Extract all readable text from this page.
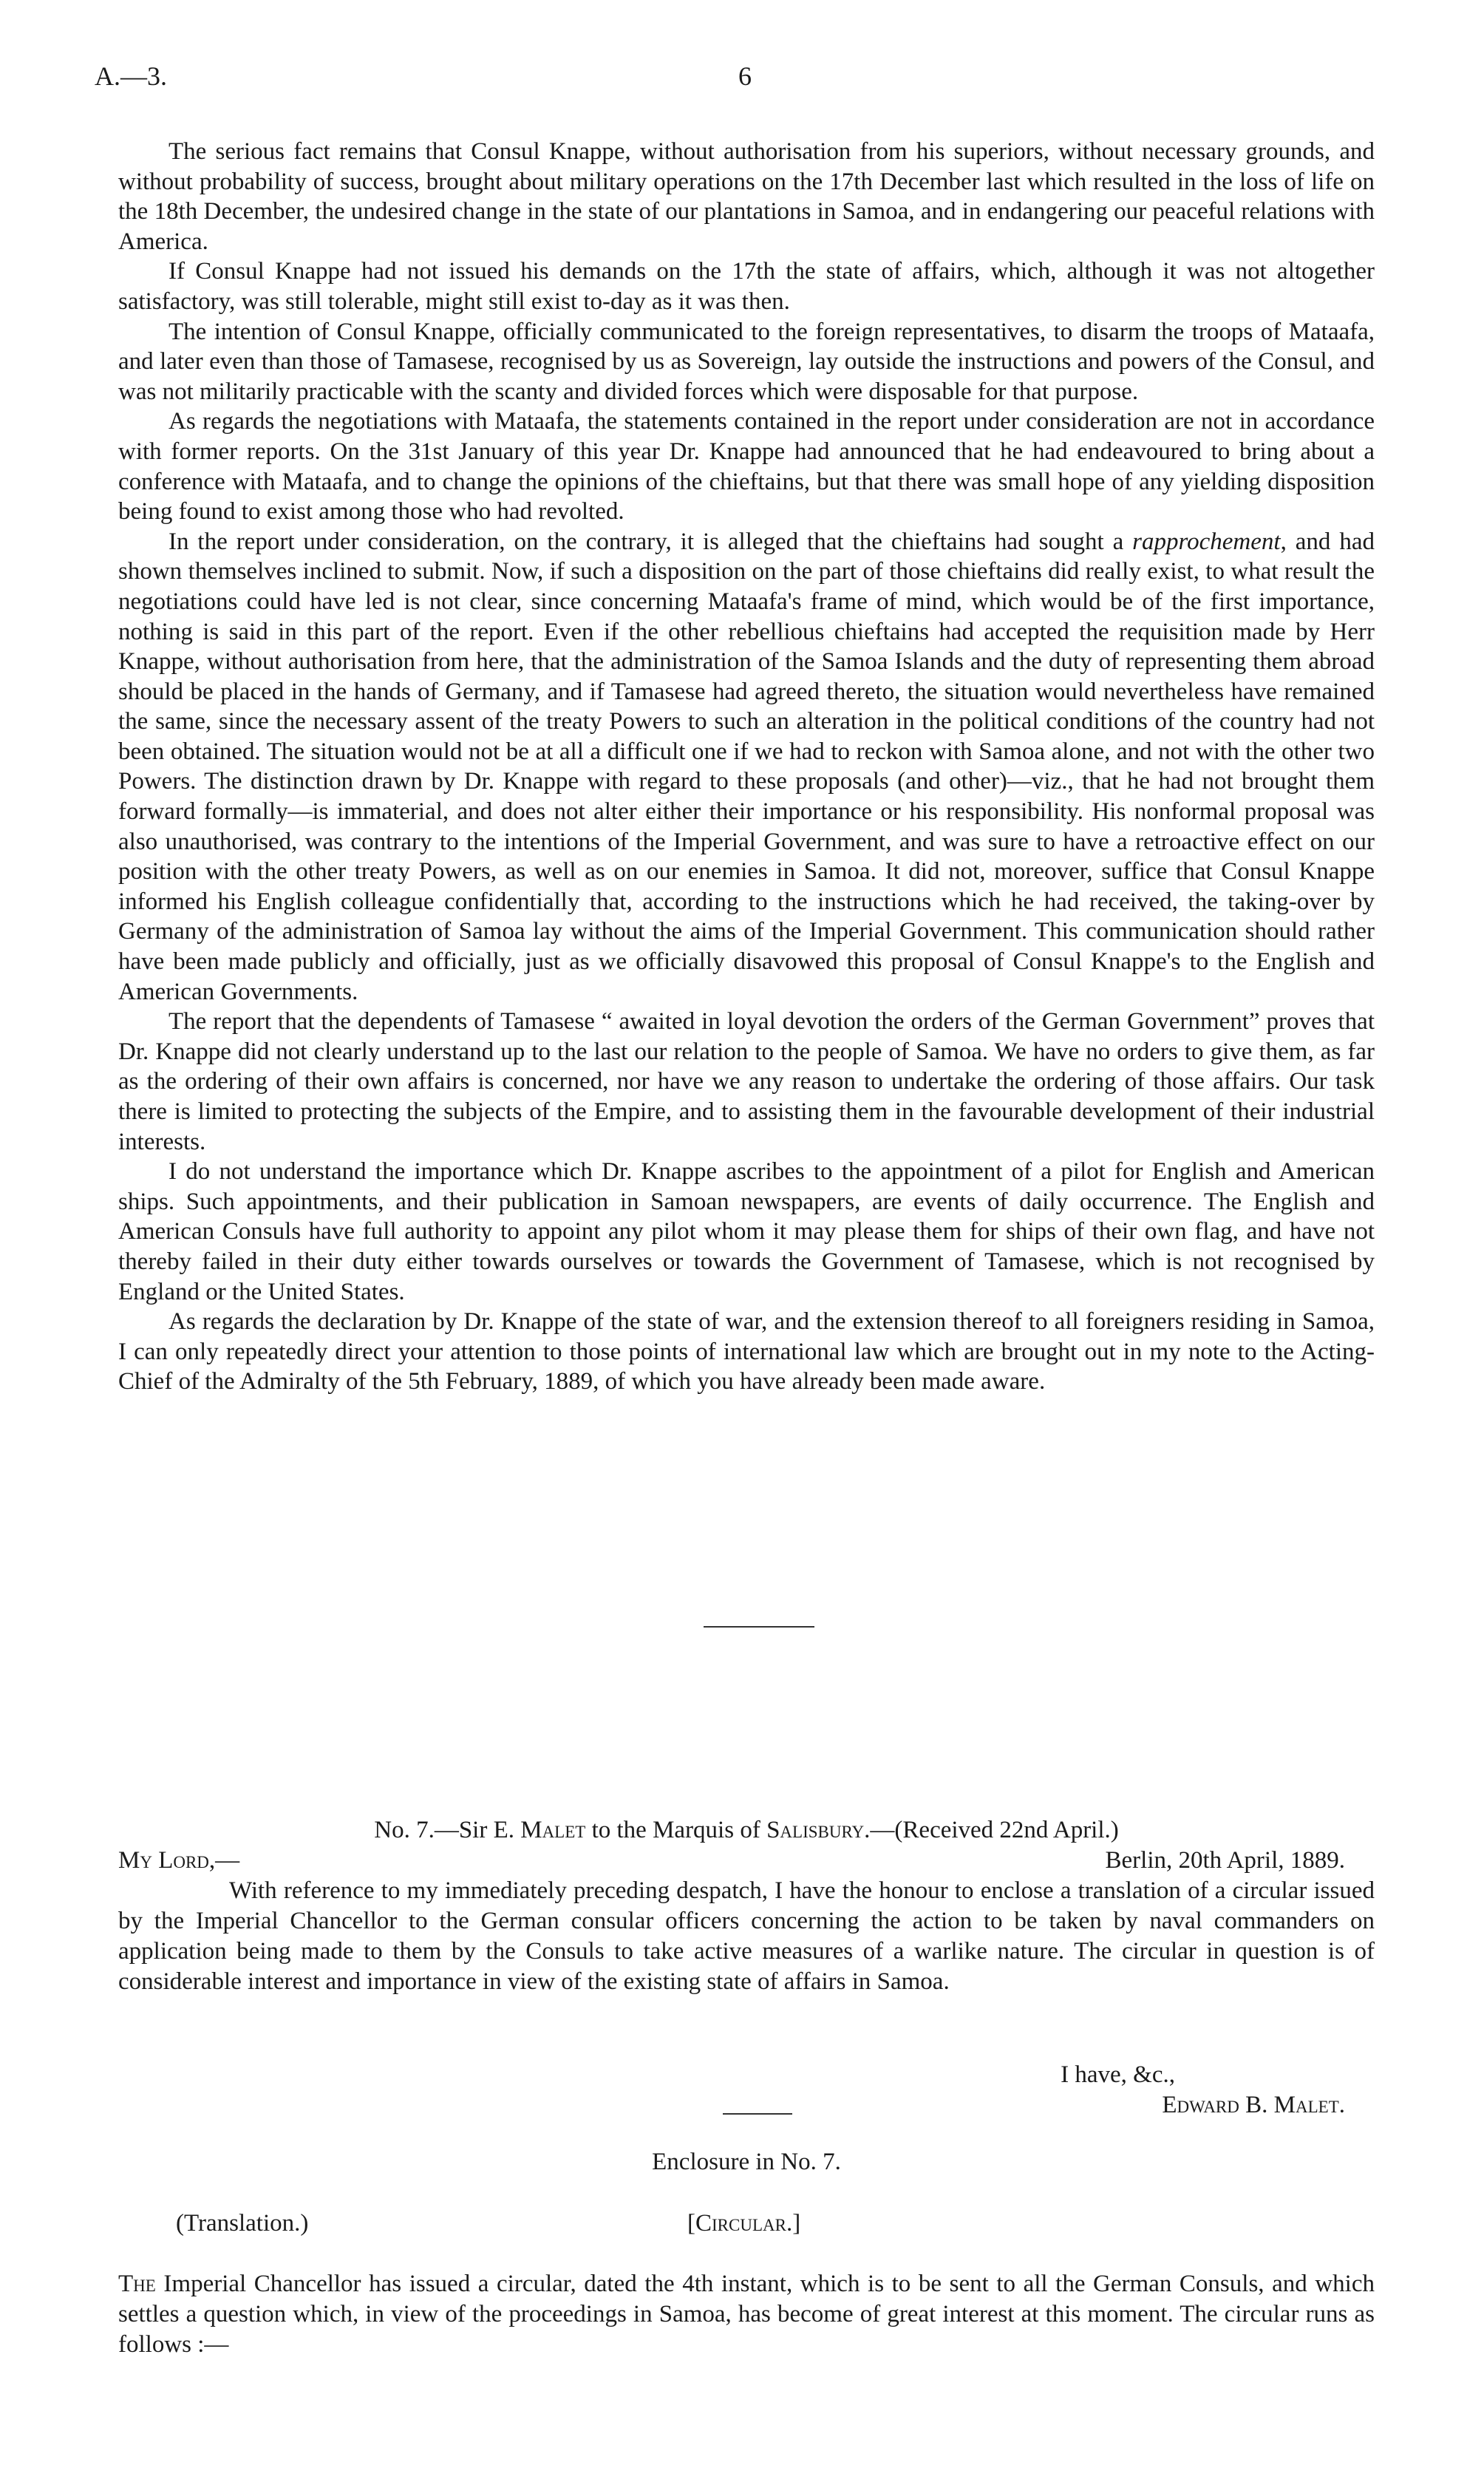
A.—3.	6

The serious fact remains that Consul Knappe, without authorisation from his superiors, without necessary grounds, and without probability of success, brought about military operations on the 17th December last which resulted in the loss of life on the 18th December, the undesired change in the state of our plantations in Samoa, and in endangering our peaceful relations with America.

If Consul Knappe had not issued his demands on the 17th the state of affairs, which, although it was not altogether satisfactory, was still tolerable, might still exist to-day as it was then.

The intention of Consul Knappe, officially communicated to the foreign representatives, to disarm the troops of Mataafa, and later even than those of Tamasese, recognised by us as Sovereign, lay outside the instructions and powers of the Consul, and was not militarily practicable with the scanty and divided forces which were disposable for that purpose.

As regards the negotiations with Mataafa, the statements contained in the report under consideration are not in accordance with former reports. On the 31st January of this year Dr. Knappe had announced that he had endeavoured to bring about a conference with Mataafa, and to change the opinions of the chieftains, but that there was small hope of any yielding disposition being found to exist among those who had revolted.

In the report under consideration, on the contrary, it is alleged that the chieftains had sought a rapprochement, and had shown themselves inclined to submit. Now, if such a disposition on the part of those chieftains did really exist, to what result the negotiations could have led is not clear, since concerning Mataafa's frame of mind, which would be of the first importance, nothing is said in this part of the report. Even if the other rebellious chieftains had accepted the requisition made by Herr Knappe, without authorisation from here, that the administration of the Samoa Islands and the duty of representing them abroad should be placed in the hands of Germany, and if Tamasese had agreed thereto, the situation would nevertheless have remained the same, since the necessary assent of the treaty Powers to such an alteration in the political conditions of the country had not been obtained. The situation would not be at all a difficult one if we had to reckon with Samoa alone, and not with the other two Powers. The distinction drawn by Dr. Knappe with regard to these proposals (and other)—viz., that he had not brought them forward formally—is immaterial, and does not alter either their importance or his responsibility. His nonformal proposal was also unauthorised, was contrary to the intentions of the Imperial Government, and was sure to have a retroactive effect on our position with the other treaty Powers, as well as on our enemies in Samoa. It did not, moreover, suffice that Consul Knappe informed his English colleague confidentially that, according to the instructions which he had received, the taking-over by Germany of the administration of Samoa lay without the aims of the Imperial Government. This communication should rather have been made publicly and officially, just as we officially disavowed this proposal of Consul Knappe's to the English and American Governments.

The report that the dependents of Tamasese “ awaited in loyal devotion the orders of the German Government” proves that Dr. Knappe did not clearly understand up to the last our relation to the people of Samoa. We have no orders to give them, as far as the ordering of their own affairs is concerned, nor have we any reason to undertake the ordering of those affairs. Our task there is limited to protecting the subjects of the Empire, and to assisting them in the favourable development of their industrial interests.

I do not understand the importance which Dr. Knappe ascribes to the appointment of a pilot for English and American ships. Such appointments, and their publication in Samoan newspapers, are events of daily occurrence. The English and American Consuls have full authority to appoint any pilot whom it may please them for ships of their own flag, and have not thereby failed in their duty either towards ourselves or towards the Government of Tamasese, which is not recognised by England or the United States.

As regards the declaration by Dr. Knappe of the state of war, and the extension thereof to all foreigners residing in Samoa, I can only repeatedly direct your attention to those points of international law which are brought out in my note to the Acting-Chief of the Admiralty of the 5th February, 1889, of which you have already been made aware.

No. 7.—Sir E. Malet to the Marquis of Salisbury.—(Received 22nd April.)
My Lord,—	Berlin, 20th April, 1889.

With reference to my immediately preceding despatch, I have the honour to enclose a translation of a circular issued by the Imperial Chancellor to the German consular officers concerning the action to be taken by naval commanders on application being made to them by the Consuls to take active measures of a warlike nature. The circular in question is of considerable interest and importance in view of the existing state of affairs in Samoa.

I have, &c.,
Edward B. Malet.
Enclosure in No. 7.
(Translation.)	[Circular.]

The Imperial Chancellor has issued a circular, dated the 4th instant, which is to be sent to all the German Consuls, and which settles a question which, in view of the proceedings in Samoa, has become of great interest at this moment. The circular runs as follows :—
